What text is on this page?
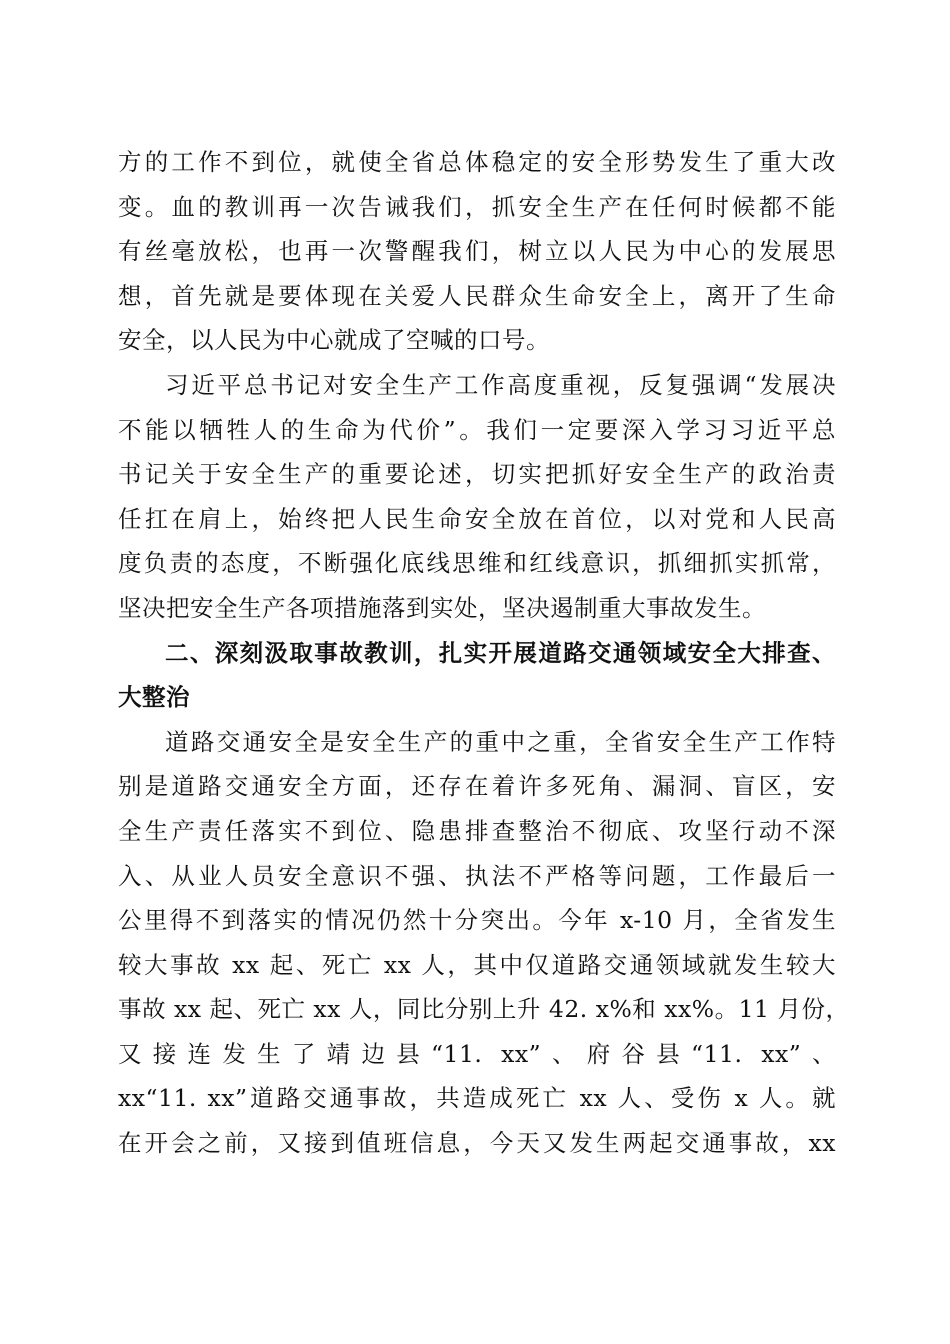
方的工作不到位，就使全省总体稳定的安全形势发生了重大改
变。血的教训再一次告诫我们，抓安全生产在任何时候都不能
有丝毫放松，也再一次警醒我们，树立以人民为中心的发展思
想，首先就是要体现在关爱人民群众生命安全上，离开了生命
安全，以人民为中心就成了空喊的口号。
习近平总书记对安全生产工作高度重视，反复强调“发展决
不能以牺牲人的生命为代价”。我们一定要深入学习习近平总
书记关于安全生产的重要论述，切实把抓好安全生产的政治责
任扛在肩上，始终把人民生命安全放在首位，以对党和人民高
度负责的态度，不断强化底线思维和红线意识，抓细抓实抓常，
坚决把安全生产各项措施落到实处，坚决遏制重大事故发生。
二、深刻汲取事故教训，扎实开展道路交通领域安全大排查、
大整治
道路交通安全是安全生产的重中之重，全省安全生产工作特
别是道路交通安全方面，还存在着许多死角、漏洞、盲区，安
全生产责任落实不到位、隐患排查整治不彻底、攻坚行动不深
入、从业人员安全意识不强、执法不严格等问题，工作最后一
公里得不到落实的情况仍然十分突出。今年 x-10 月，全省发生
较大事故 xx 起、死亡 xx 人，其中仅道路交通领域就发生较大
事故 xx 起、死亡 xx 人，同比分别上升 42. x%和 xx%。11 月份，
又接连发生了靖边县“11. xx”、府谷县“11. xx”、
xx“11. xx”道路交通事故，共造成死亡 xx 人、受伤 x 人。就
在开会之前，又接到值班信息，今天又发生两起交通事故，xx
